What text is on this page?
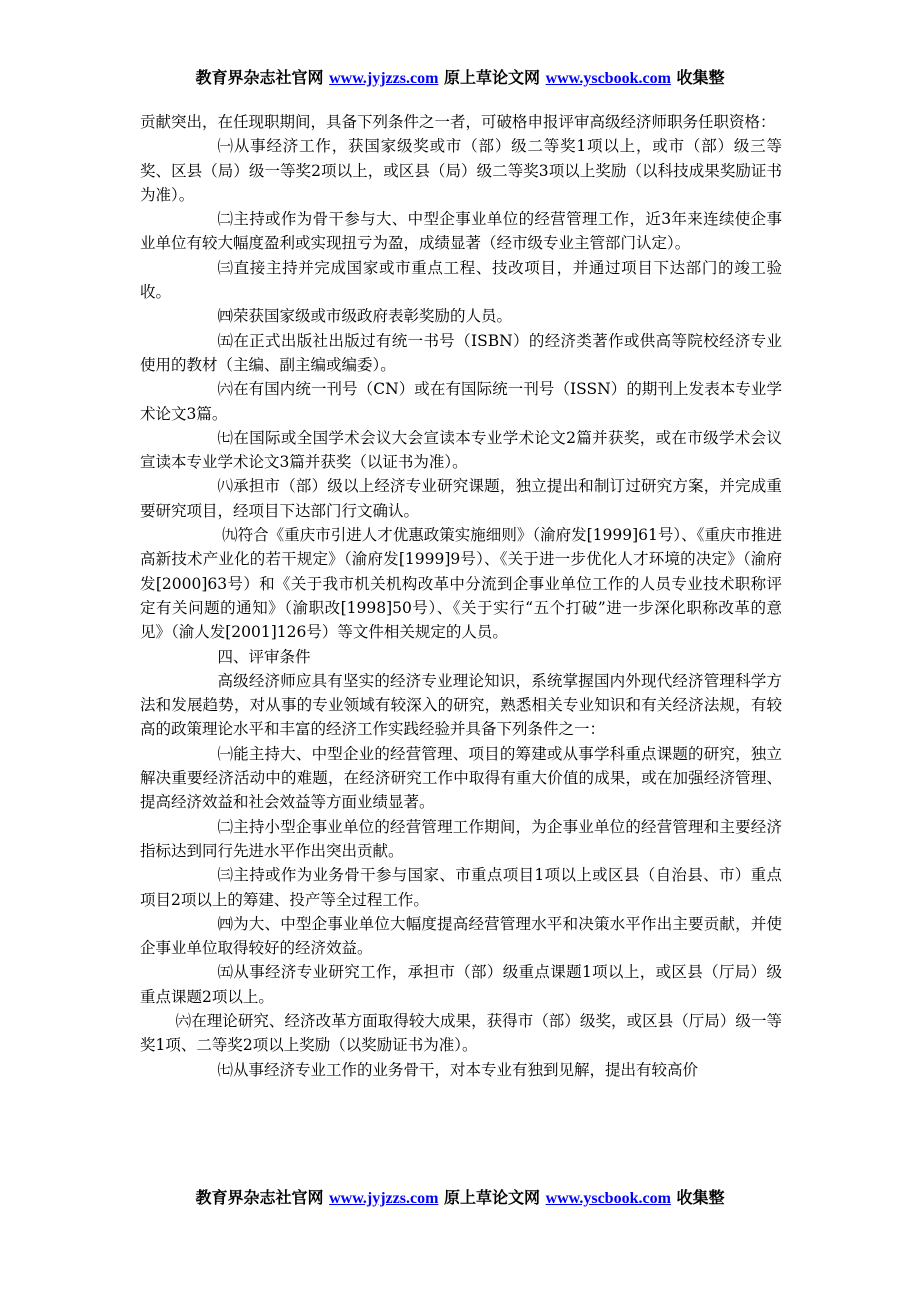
教育界杂志社官网 www.jyjzzs.com 原上草论文网 www.yscbook.com 收集整

贡献突出，在任现职期间，具备下列条件之一者，可破格申报评审高级经济师职务任职资格：

㈠从事经济工作，获国家级奖或市（部）级二等奖1项以上，或市（部）级三等奖、区县（局）级一等奖2项以上，或区县（局）级二等奖3项以上奖励（以科技成果奖励证书为准）。

㈡主持或作为骨干参与大、中型企事业单位的经营管理工作，近3年来连续使企事业单位有较大幅度盈利或实现扭亏为盈，成绩显著（经市级专业主管部门认定）。

㈢直接主持并完成国家或市重点工程、技改项目，并通过项目下达部门的竣工验收。

㈣荣获国家级或市级政府表彰奖励的人员。

㈤在正式出版社出版过有统一书号（ISBN）的经济类著作或供高等院校经济专业使用的教材（主编、副主编或编委）。

㈥在有国内统一刊号（CN）或在有国际统一刊号（ISSN）的期刊上发表本专业学术论文3篇。

㈦在国际或全国学术会议大会宣读本专业学术论文2篇并获奖，或在市级学术会议宣读本专业学术论文3篇并获奖（以证书为准）。

㈧承担市（部）级以上经济专业研究课题，独立提出和制订过研究方案，并完成重要研究项目，经项目下达部门行文确认。

㈨符合《重庆市引进人才优惠政策实施细则》（渝府发[1999]61号）、《重庆市推进高新技术产业化的若干规定》（渝府发[1999]9号）、《关于进一步优化人才环境的决定》（渝府发[2000]63号）和《关于我市机关机构改革中分流到企事业单位工作的人员专业技术职称评定有关问题的通知》（渝职改[1998]50号）、《关于实行“五个打破”进一步深化职称改革的意见》（渝人发[2001]126号）等文件相关规定的人员。

四、评审条件

高级经济师应具有坚实的经济专业理论知识，系统掌握国内外现代经济管理科学方法和发展趋势，对从事的专业领域有较深入的研究，熟悉相关专业知识和有关经济法规，有较高的政策理论水平和丰富的经济工作实践经验并具备下列条件之一：

㈠能主持大、中型企业的经营管理、项目的筹建或从事学科重点课题的研究，独立解决重要经济活动中的难题，在经济研究工作中取得有重大价值的成果，或在加强经济管理、提高经济效益和社会效益等方面业绩显著。

㈡主持小型企事业单位的经营管理工作期间，为企事业单位的经营管理和主要经济指标达到同行先进水平作出突出贡献。

㈢主持或作为业务骨干参与国家、市重点项目1项以上或区县（自治县、市）重点项目2项以上的筹建、投产等全过程工作。

㈣为大、中型企事业单位大幅度提高经营管理水平和决策水平作出主要贡献，并使企事业单位取得较好的经济效益。

㈤从事经济专业研究工作，承担市（部）级重点课题1项以上，或区县（厅局）级重点课题2项以上。

㈥在理论研究、经济改革方面取得较大成果，获得市（部）级奖，或区县（厅局）级一等奖1项、二等奖2项以上奖励（以奖励证书为准）。

㈦从事经济专业工作的业务骨干，对本专业有独到见解，提出有较高价

教育界杂志社官网 www.jyjzzs.com 原上草论文网 www.yscbook.com 收集整
